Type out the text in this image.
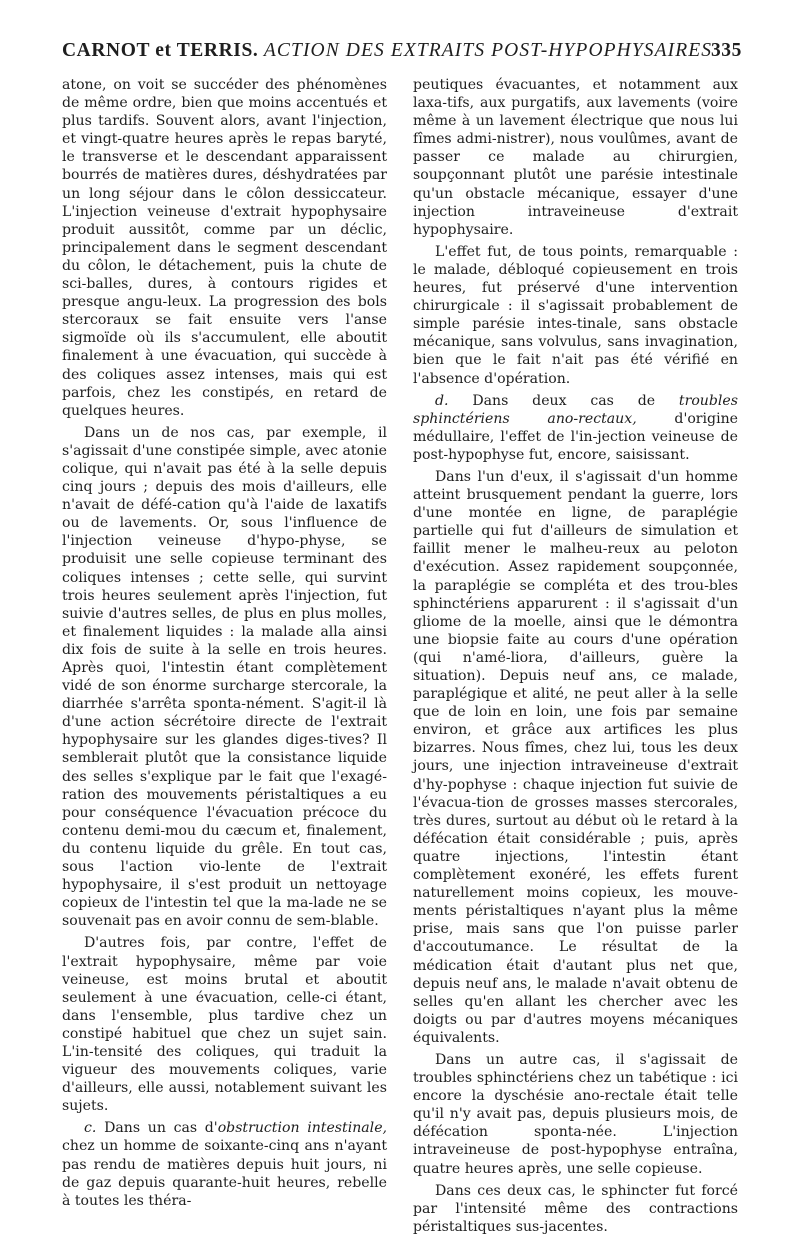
CARNOT et TERRIS. ACTION DES EXTRAITS POST-HYPOPHYSAIRES
335

atone, on voit se succéder des phénomènes de même ordre, bien que moins accentués et plus tardifs. Souvent alors, avant l'injection, et vingt-quatre heures après le repas baryté, le transverse et le descendant apparaissent bourrés de matières dures, déshydratées par un long séjour dans le côlon dessiccateur. L'injection veineuse d'extrait hypophysaire produit aussitôt, comme par un déclic, principalement dans le segment descendant du côlon, le détachement, puis la chute de sci-balles, dures, à contours rigides et presque angu-leux. La progression des bols stercoraux se fait ensuite vers l'anse sigmoïde où ils s'accumulent, elle aboutit finalement à une évacuation, qui succède à des coliques assez intenses, mais qui est parfois, chez les constipés, en retard de quelques heures.

Dans un de nos cas, par exemple, il s'agissait d'une constipée simple, avec atonie colique, qui n'avait pas été à la selle depuis cinq jours ; depuis des mois d'ailleurs, elle n'avait de défé-cation qu'à l'aide de laxatifs ou de lavements. Or, sous l'influence de l'injection veineuse d'hypo-physe, se produisit une selle copieuse terminant des coliques intenses ; cette selle, qui survint trois heures seulement après l'injection, fut suivie d'autres selles, de plus en plus molles, et finalement liquides : la malade alla ainsi dix fois de suite à la selle en trois heures. Après quoi, l'intestin étant complètement vidé de son énorme surcharge stercorale, la diarrhée s'arrêta sponta-nément. S'agit-il là d'une action sécrétoire directe de l'extrait hypophysaire sur les glandes diges-tives? Il semblerait plutôt que la consistance liquide des selles s'explique par le fait que l'exagé-ration des mouvements péristaltiques a eu pour conséquence l'évacuation précoce du contenu demi-mou du cæcum et, finalement, du contenu liquide du grêle. En tout cas, sous l'action vio-lente de l'extrait hypophysaire, il s'est produit un nettoyage copieux de l'intestin tel que la ma-lade ne se souvenait pas en avoir connu de sem-blable.

D'autres fois, par contre, l'effet de l'extrait hypophysaire, même par voie veineuse, est moins brutal et aboutit seulement à une évacuation, celle-ci étant, dans l'ensemble, plus tardive chez un constipé habituel que chez un sujet sain. L'in-tensité des coliques, qui traduit la vigueur des mouvements coliques, varie d'ailleurs, elle aussi, notablement suivant les sujets.

c. Dans un cas d'obstruction intestinale, chez un homme de soixante-cinq ans n'ayant pas rendu de matières depuis huit jours, ni de gaz depuis quarante-huit heures, rebelle à toutes les théra-

peutiques évacuantes, et notamment aux laxa-tifs, aux purgatifs, aux lavements (voire même à un lavement électrique que nous lui fîmes admi-nistrer), nous voulûmes, avant de passer ce malade au chirurgien, soupçonnant plutôt une parésie intestinale qu'un obstacle mécanique, essayer d'une injection intraveineuse d'extrait hypophysaire.

L'effet fut, de tous points, remarquable : le malade, débloqué copieusement en trois heures, fut préservé d'une intervention chirurgicale : il s'agissait probablement de simple parésie intes-tinale, sans obstacle mécanique, sans volvulus, sans invagination, bien que le fait n'ait pas été vérifié en l'absence d'opération.

d. Dans deux cas de troubles sphinctériens ano-rectaux, d'origine médullaire, l'effet de l'in-jection veineuse de post-hypophyse fut, encore, saisissant.

Dans l'un d'eux, il s'agissait d'un homme atteint brusquement pendant la guerre, lors d'une montée en ligne, de paraplégie partielle qui fut d'ailleurs de simulation et faillit mener le malheu-reux au peloton d'exécution. Assez rapidement soupçonnée, la paraplégie se compléta et des trou-bles sphinctériens apparurent : il s'agissait d'un gliome de la moelle, ainsi que le démontra une biopsie faite au cours d'une opération (qui n'amé-liora, d'ailleurs, guère la situation). Depuis neuf ans, ce malade, paraplégique et alité, ne peut aller à la selle que de loin en loin, une fois par semaine environ, et grâce aux artifices les plus bizarres. Nous fîmes, chez lui, tous les deux jours, une injection intraveineuse d'extrait d'hy-pophyse : chaque injection fut suivie de l'évacua-tion de grosses masses stercorales, très dures, surtout au début où le retard à la défécation était considérable ; puis, après quatre injections, l'intestin étant complètement exonéré, les effets furent naturellement moins copieux, les mouve-ments péristaltiques n'ayant plus la même prise, mais sans que l'on puisse parler d'accoutumance. Le résultat de la médication était d'autant plus net que, depuis neuf ans, le malade n'avait obtenu de selles qu'en allant les chercher avec les doigts ou par d'autres moyens mécaniques équivalents.

Dans un autre cas, il s'agissait de troubles sphinctériens chez un tabétique : ici encore la dyschésie ano-rectale était telle qu'il n'y avait pas, depuis plusieurs mois, de défécation sponta-née. L'injection intraveineuse de post-hypophyse entraîna, quatre heures après, une selle copieuse.

Dans ces deux cas, le sphincter fut forcé par l'intensité même des contractions péristaltiques sus-jacentes.
